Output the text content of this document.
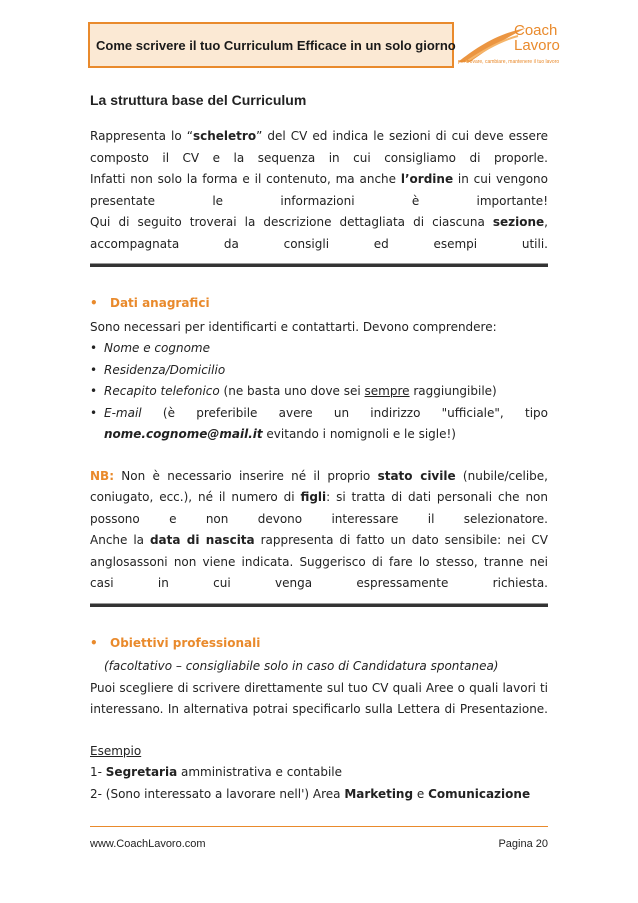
Come scrivere il tuo Curriculum Efficace in un solo giorno
Coach
Lavoro
per trovare, cambiare, mantenere il tuo lavoro
La struttura base del Curriculum

Rappresenta lo “scheletro” del CV ed indica le sezioni di cui deve essere composto il CV e la sequenza in cui consigliamo di proporle.

Infatti non solo la forma e il contenuto, ma anche l’ordine in cui vengono presentate le informazioni è importante!

Qui di seguito troverai la descrizione dettagliata di ciascuna sezione, accompagnata da consigli ed esempi utili.

•	Dati anagrafici

Sono necessari per identificarti e contattarti. Devono comprendere:

• Nome e cognome
• Residenza/Domicilio
• Recapito telefonico (ne basta uno dove sei sempre raggiungibile)
• E-mail (è preferibile avere un indirizzo "ufficiale", tipo

nome.cognome@mail.it evitando i nomignoli e le sigle!)

NB: Non è necessario inserire né il proprio stato civile (nubile/celibe, coniugato, ecc.), né il numero di figli: si tratta di dati personali che non possono e non devono interessare il selezionatore.

Anche la data di nascita rappresenta di fatto un dato sensibile: nei CV anglosassoni non viene indicata. Suggerisco di fare lo stesso, tranne nei casi in cui venga espressamente richiesta.

•	Obiettivi professionali

(facoltativo – consigliabile solo in caso di Candidatura spontanea)

Puoi scegliere di scrivere direttamente sul tuo CV quali Aree o quali lavori ti interessano. In alternativa potrai specificarlo sulla Lettera di Presentazione.

Esempio

1- Segretaria amministrativa e contabile

2- (Sono interessato a lavorare nell') Area Marketing e Comunicazione

www.CoachLavoro.com	Pagina 20
